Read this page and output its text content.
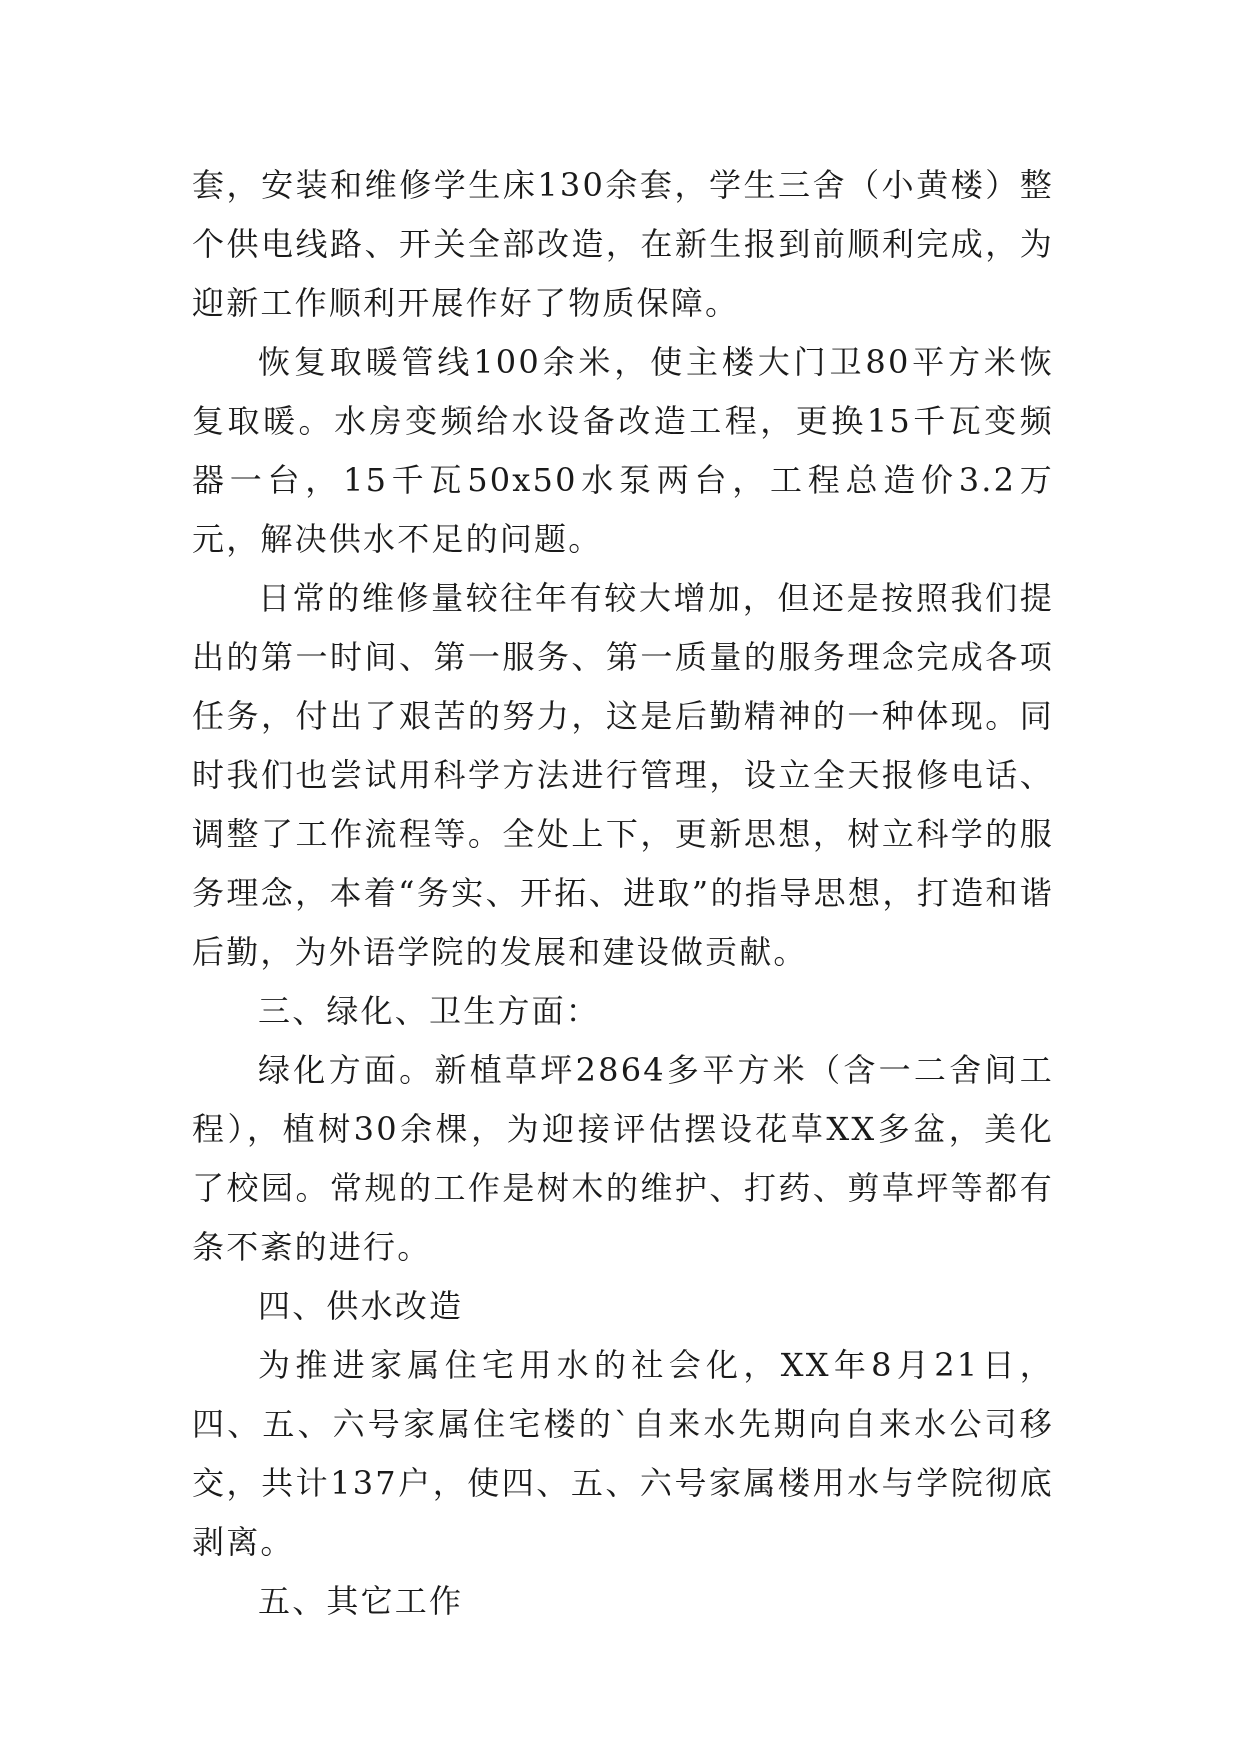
套，安装和维修学生床130余套，学生三舍（小黄楼）整个供电线路、开关全部改造，在新生报到前顺利完成，为迎新工作顺利开展作好了物质保障。

恢复取暖管线100余米，使主楼大门卫80平方米恢复取暖。水房变频给水设备改造工程，更换15千瓦变频器一台，15千瓦50x50水泵两台，工程总造价3.2万元，解决供水不足的问题。

日常的维修量较往年有较大增加，但还是按照我们提出的第一时间、第一服务、第一质量的服务理念完成各项任务，付出了艰苦的努力，这是后勤精神的一种体现。同时我们也尝试用科学方法进行管理，设立全天报修电话、调整了工作流程等。全处上下，更新思想，树立科学的服务理念，本着“务实、开拓、进取”的指导思想，打造和谐后勤，为外语学院的发展和建设做贡献。

三、绿化、卫生方面：

绿化方面。新植草坪2864多平方米（含一二舍间工程），植树30余棵，为迎接评估摆设花草XX多盆，美化了校园。常规的工作是树木的维护、打药、剪草坪等都有条不紊的进行。

四、供水改造

为推进家属住宅用水的社会化，XX年8月21日，四、五、六号家属住宅楼的`自来水先期向自来水公司移交，共计137户，使四、五、六号家属楼用水与学院彻底剥离。

五、其它工作
